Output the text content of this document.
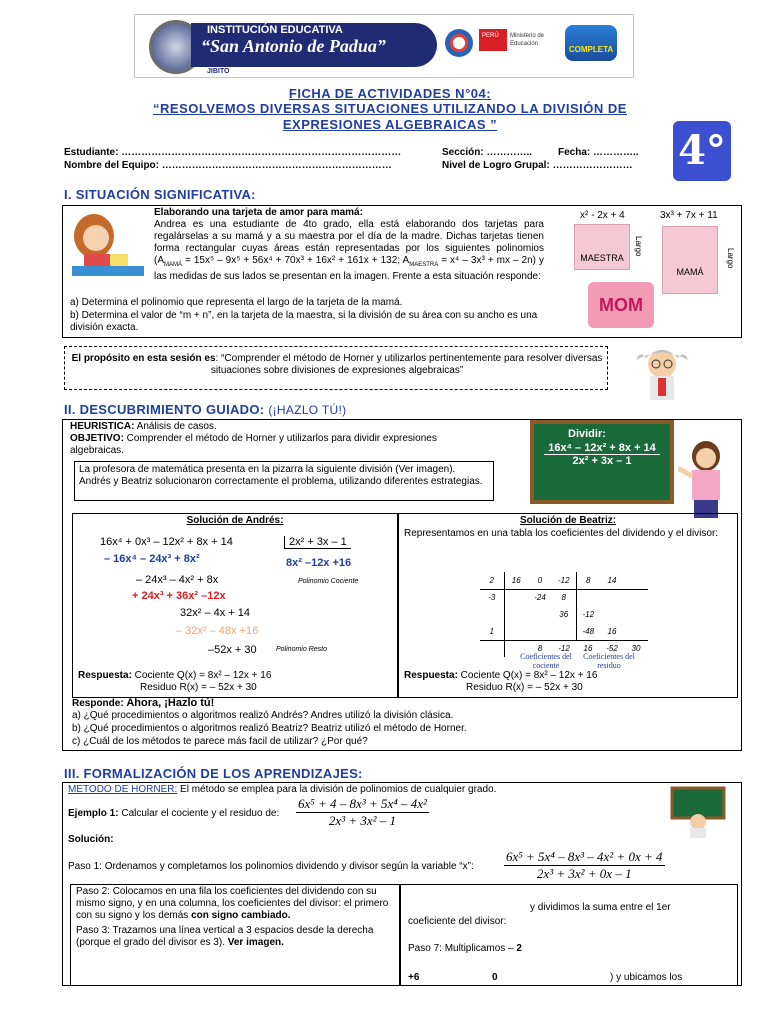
INSTITUCIÓN EDUCATIVA
“San Antonio de Padua”
JIBITO
PERÚ	Ministerio de Educación
COMPLETA
FICHA DE ACTIVIDADES N°04:
“RESOLVEMOS DIVERSAS SITUACIONES UTILIZANDO LA DIVISIÓN DE
EXPRESIONES ALGEBRAICAS ”
4°
Estudiante: …………………………………………………………………………
Nombre del Equipo: ……………………………………………………………
Sección: …………..	Fecha: …………..
Nivel de Logro Grupal: ……………………
I. SITUACIÓN SIGNIFICATIVA:
Elaborando una tarjeta de amor para mamá:
Andrea es una estudiante de 4to grado, ella está elaborando dos tarjetas para regalárselas a su mamá y a su maestra por el día de la madre. Dichas tarjetas tienen forma rectangular cuyas áreas están representadas por los siguientes polinomios ($A_{MAMÁ} = 15x^5 - 9x^5 + 56x^4 + 70x^3 + 16x^2 + 161x + 132$; $A_{MAESTRA} = x^4 - 3x^3$ + mx – 2n) y las medidas de sus lados se presentan en la imagen. Frente a esta situación responde:
a) Determina el polinomio que representa el largo de la tarjeta de la mamá.
b) Determina el valor de “m + n”, en la tarjeta de la maestra, si la división de su área con su ancho es una división exacta.
x² - 2x + 4
MAESTRA
Largo
3x³ + 7x + 11
MAMÁ
Largo
MOM
El propósito en esta sesión es: “Comprender el método de Horner y utilizarlos pertinentemente para resolver diversas situaciones sobre divisiones de expresiones algebraicas”
II. DESCUBRIMIENTO GUIADO: (¡HAZLO TÚ!)
HEURISTICA: Análisis de casos.
OBJETIVO: Comprender el método de Horner y utilizarlos para dividir expresiones algebraicas.
La profesora de matemática presenta en la pizarra la siguiente división (Ver imagen). Andrés y Beatriz solucionaron correctamente el problema, utilizando diferentes estrategias.
Dividir:
16x⁴ – 12x² + 8x + 14
2x² + 3x – 1
Solución de Andrés:	Solución de Beatriz:
16x⁴ + 0x³ – 12x² + 8x + 14	2x² + 3x – 1
– 16x⁴ – 24x³ + 8x²	8x² –12x +16
Polinomio Cociente
– 24x³ – 4x² + 8x
+ 24x³ + 36x² –12x
32x² – 4x + 14
– 32x² – 48x +16
–52x + 30	Polinomio Resto
Representamos en una tabla los coeficientes del dividendo y el divisor:
2	16	0	-12	8	14	
-3		-24	8			
			36	-12		
1				-48	16	
		8	-12	16	-52	30
Coeficientes del cociente
Coeficientes del residuo
Respuesta: Cociente Q(x) = 8x² – 12x + 16
Residuo R(x) = – 52x + 30
Respuesta: Cociente Q(x) = 8x² – 12x + 16
Residuo R(x) = – 52x + 30
Responde: Ahora, ¡Hazlo tú!
a) ¿Qué procedimientos o algoritmos realizó Andrés? Andres utilizó la división clásica.
b) ¿Qué procedimientos o algoritmos realizó Beatriz? Beatriz utilizó el método de Horner.
c) ¿Cuál de los métodos te parece más facil de utilizar? ¿Por qué?
III. FORMALIZACIÓN DE LOS APRENDIZAJES:
METODO DE HORNER: El método se emplea para la división de polinomios de cualquier grado.
Ejemplo 1: Calcular el cociente y el residuo de: $\frac{\text{6x⁵ + 4 – 8x³ + 5x⁴ – 4x²}}{\text{2x³ + 3x² – 1}}$
Solución:
Paso 1: Ordenamos y completamos los polinomios dividendo y divisor según la variable “x”: $\frac{\text{6x⁵ + 5x⁴ – 8x³ – 4x² + 0x + 4}}{\text{2x³ + 3x² + 0x – 1}}$
Paso 2: Colocamos en una fila los coeficientes del dividendo con su mismo signo, y en una columna, los coeficientes del divisor: el primero con su signo y los demás con signo cambiado.
Paso 3: Trazamos una línea vertical a 3 espacios desde la derecha (porque el grado del divisor es 3). Ver imagen.
y dividimos la suma entre el 1er
coeficiente del divisor:
Paso 7: Multiplicamos – 2
+6	0	) y ubicamos los
